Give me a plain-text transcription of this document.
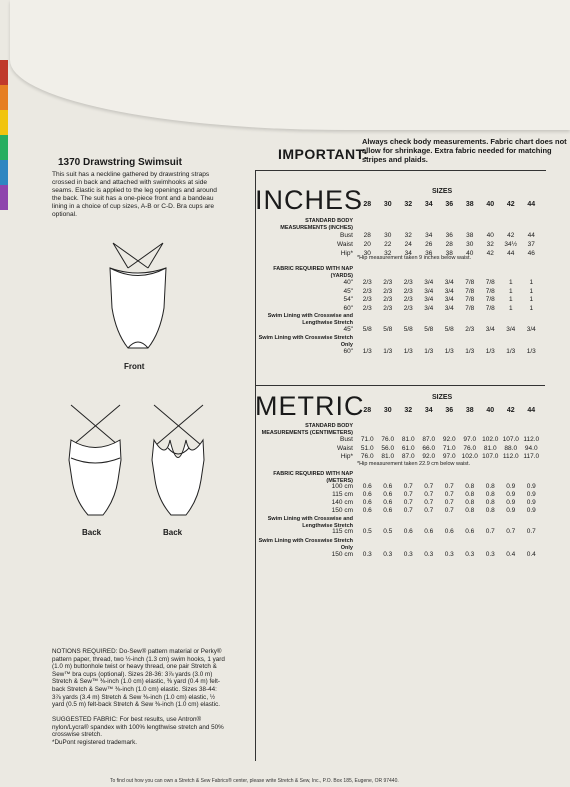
IMPORTANT:
Always check body measurements. Fabric chart does not allow for shrinkage. Extra fabric needed for matching stripes and plaids.
1370 Drawstring Swimsuit
This suit has a neckline gathered by drawstring straps crossed in back and attached with swimhooks at side seams. Elastic is applied to the leg openings and around the back. The suit has a one-piece front and a bandeau lining in a choice of cup sizes, A-B or C-D. Bra cups are optional.
Front
Back	Back
INCHES	SIZES
28	30	32	34	36	38	40	42	44
STANDARD BODY MEASUREMENTS (INCHES)
Bust	28	30	32	34	36	38	40	42	44
Waist	20	22	24	26	28	30	32	34½	37
Hip*	30	32	34	36	38	40	42	44	46
*Hip measurement taken 9 inches below waist.
FABRIC REQUIRED WITH NAP (YARDS)
40"	2/3	2/3	2/3	3/4	3/4	7/8	7/8	1	1
45"	2/3	2/3	2/3	3/4	3/4	7/8	7/8	1	1
54"	2/3	2/3	2/3	3/4	3/4	7/8	7/8	1	1
60"	2/3	2/3	2/3	3/4	3/4	7/8	7/8	1	1
Swim Lining with Crosswise and Lengthwise Stretch
45"	5/8	5/8	5/8	5/8	5/8	2/3	3/4	3/4	3/4
Swim Lining with Crosswise Stretch Only
60"	1/3	1/3	1/3	1/3	1/3	1/3	1/3	1/3	1/3
METRIC	SIZES
28	30	32	34	36	38	40	42	44
STANDARD BODY MEASUREMENTS (CENTIMETERS)
Bust	71.0	76.0	81.0	87.0	92.0	97.0 102.0 107.0 112.0
Waist	51.0	56.0	61.0	66.0	71.0	76.0	81.0	88.0	94.0
Hip*	76.0	81.0	87.0	92.0	97.0 102.0 107.0 112.0 117.0
*Hip measurement taken 22.9 cm below waist.
FABRIC REQUIRED WITH NAP (METERS)
100 cm	0.6	0.6	0.7	0.7	0.7	0.8	0.8	0.9	0.9
115 cm	0.6	0.6	0.7	0.7	0.7	0.8	0.8	0.9	0.9
140 cm	0.6	0.6	0.7	0.7	0.7	0.8	0.8	0.9	0.9
150 cm	0.6	0.6	0.7	0.7	0.7	0.8	0.8	0.9	0.9
Swim Lining with Crosswise and Lengthwise Stretch
115 cm	0.5	0.5	0.6	0.6	0.6	0.6	0.7	0.7	0.7
Swim Lining with Crosswise Stretch Only
150 cm	0.3	0.3	0.3	0.3	0.3	0.3	0.3	0.4	0.4
NOTIONS REQUIRED: Do-Sew® pattern material or Perky® pattern paper, thread, two ½-inch (1.3 cm) swim hooks, 1 yard (1.0 m) buttonhole twist or heavy thread, one pair Stretch & Sew™ bra cups (optional). Sizes 28-36: 3⅞ yards (3.0 m) Stretch & Sew™ ⅜-inch (1.0 cm) elastic, ⅜ yard (0.4 m) felt-back Stretch & Sew™ ⅜-inch (1.0 cm) elastic. Sizes 38-44: 3⅞ yards (3.4 m) Stretch & Sew ⅜-inch (1.0 cm) elastic, ½ yard (0.5 m) felt-back Stretch & Sew ⅜-inch (1.0 cm) elastic.
SUGGESTED FABRIC: For best results, use Antron® nylon/Lycra® spandex with 100% lengthwise stretch and 50% crosswise stretch.
*DuPont registered trademark.
To find out how you can own a Stretch & Sew Fabrics® center, please write Stretch & Sew, Inc., P.O. Box 185, Eugene, OR 97440.
